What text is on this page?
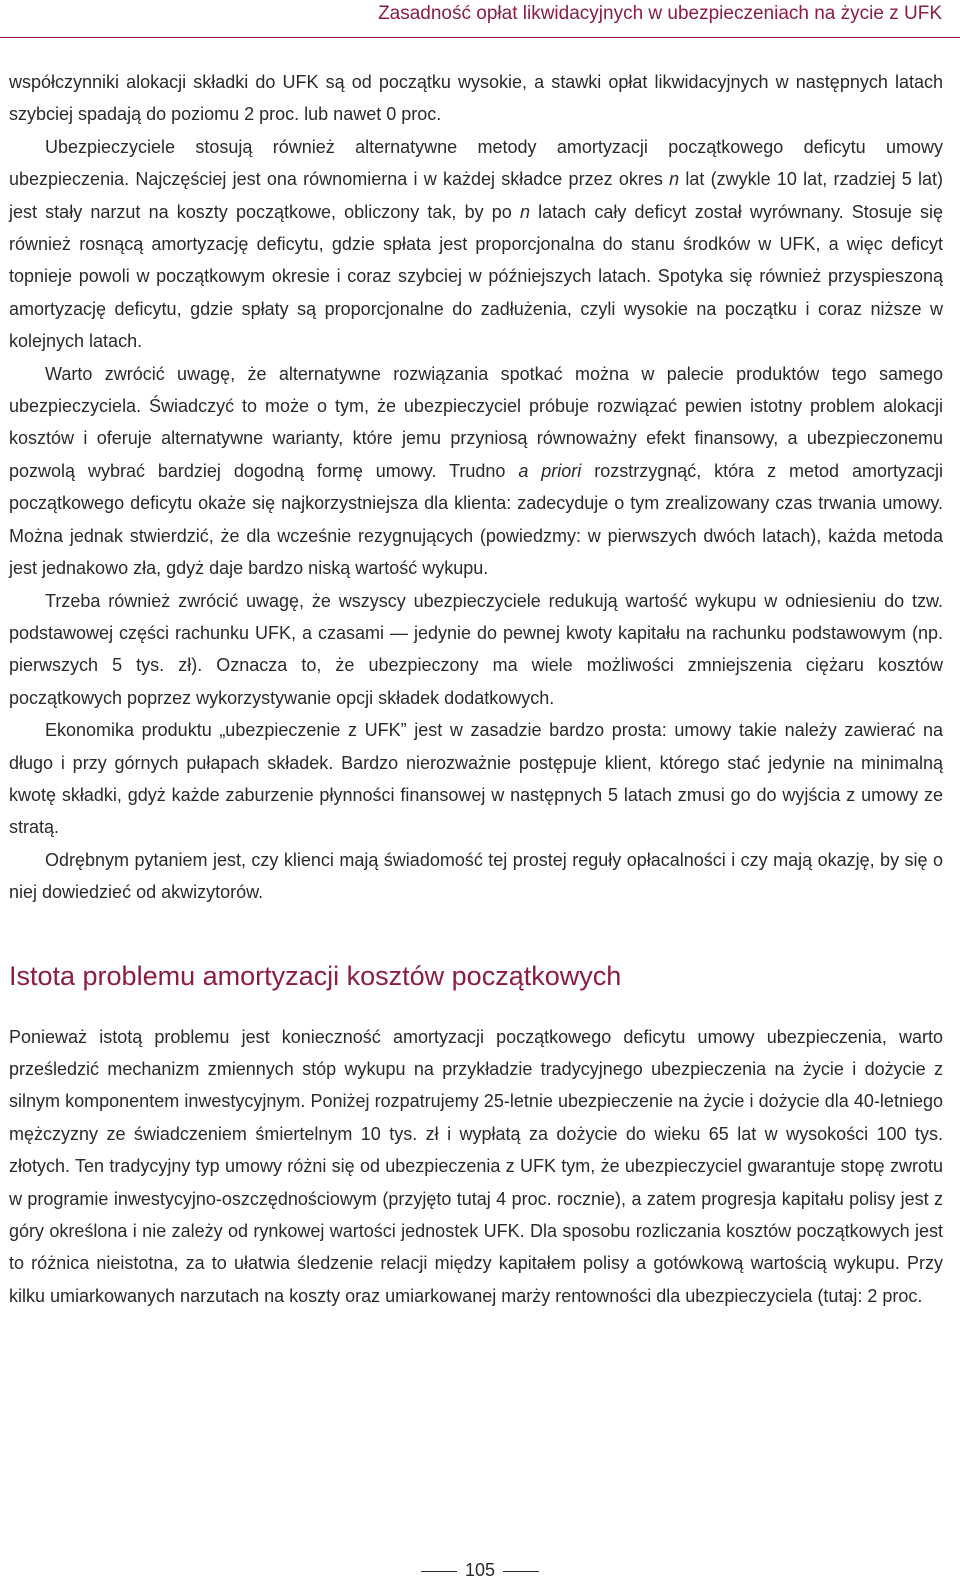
Zasadność opłat likwidacyjnych w ubezpieczeniach na życie z UFK

współczynniki alokacji składki do UFK są od początku wysokie, a stawki opłat likwidacyjnych w następnych latach szybciej spadają do poziomu 2 proc. lub nawet 0 proc.

Ubezpieczyciele stosują również alternatywne metody amortyzacji początkowego deficytu umowy ubezpieczenia. Najczęściej jest ona równomierna i w każdej składce przez okres n lat (zwykle 10 lat, rzadziej 5 lat) jest stały narzut na koszty początkowe, obliczony tak, by po n latach cały deficyt został wyrównany. Stosuje się również rosnącą amortyzację deficytu, gdzie spłata jest proporcjonalna do stanu środków w UFK, a więc deficyt topnieje powoli w początkowym okresie i coraz szybciej w późniejszych latach. Spotyka się również przyspieszoną amortyzację deficytu, gdzie spłaty są proporcjonalne do zadłużenia, czyli wysokie na początku i coraz niższe w kolejnych latach.

Warto zwrócić uwagę, że alternatywne rozwiązania spotkać można w palecie produktów tego samego ubezpieczyciela. Świadczyć to może o tym, że ubezpieczyciel próbuje rozwiązać pewien istotny problem alokacji kosztów i oferuje alternatywne warianty, które jemu przyniosą równoważny efekt finansowy, a ubezpieczonemu pozwolą wybrać bardziej dogodną formę umowy. Trudno a priori rozstrzygnąć, która z metod amortyzacji początkowego deficytu okaże się najkorzystniejsza dla klienta: zadecyduje o tym zrealizowany czas trwania umowy. Można jednak stwierdzić, że dla wcześnie rezygnujących (powiedzmy: w pierwszych dwóch latach), każda metoda jest jednakowo zła, gdyż daje bardzo niską wartość wykupu.

Trzeba również zwrócić uwagę, że wszyscy ubezpieczyciele redukują wartość wykupu w odniesieniu do tzw. podstawowej części rachunku UFK, a czasami — jedynie do pewnej kwoty kapitału na rachunku podstawowym (np. pierwszych 5 tys. zł). Oznacza to, że ubezpieczony ma wiele możliwości zmniejszenia ciężaru kosztów początkowych poprzez wykorzystywanie opcji składek dodatkowych.

Ekonomika produktu „ubezpieczenie z UFK” jest w zasadzie bardzo prosta: umowy takie należy zawierać na długo i przy górnych pułapach składek. Bardzo nierozważnie postępuje klient, którego stać jedynie na minimalną kwotę składki, gdyż każde zaburzenie płynności finansowej w następnych 5 latach zmusi go do wyjścia z umowy ze stratą.

Odrębnym pytaniem jest, czy klienci mają świadomość tej prostej reguły opłacalności i czy mają okazję, by się o niej dowiedzieć od akwizytorów.

Istota problemu amortyzacji kosztów początkowych

Ponieważ istotą problemu jest konieczność amortyzacji początkowego deficytu umowy ubezpieczenia, warto prześledzić mechanizm zmiennych stóp wykupu na przykładzie tradycyjnego ubezpieczenia na życie i dożycie z silnym komponentem inwestycyjnym. Poniżej rozpatrujemy 25-letnie ubezpieczenie na życie i dożycie dla 40-letniego mężczyzny ze świadczeniem śmiertelnym 10 tys. zł i wypłatą za dożycie do wieku 65 lat w wysokości 100 tys. złotych. Ten tradycyjny typ umowy różni się od ubezpieczenia z UFK tym, że ubezpieczyciel gwarantuje stopę zwrotu w programie inwestycyjno-oszczędnościowym (przyjęto tutaj 4 proc. rocznie), a zatem progresja kapitału polisy jest z góry określona i nie zależy od rynkowej wartości jednostek UFK. Dla sposobu rozliczania kosztów początkowych jest to różnica nieistotna, za to ułatwia śledzenie relacji między kapitałem polisy a gotówkową wartością wykupu. Przy kilku umiarkowanych narzutach na koszty oraz umiarkowanej marży rentowności dla ubezpieczyciela (tutaj: 2 proc.

105
